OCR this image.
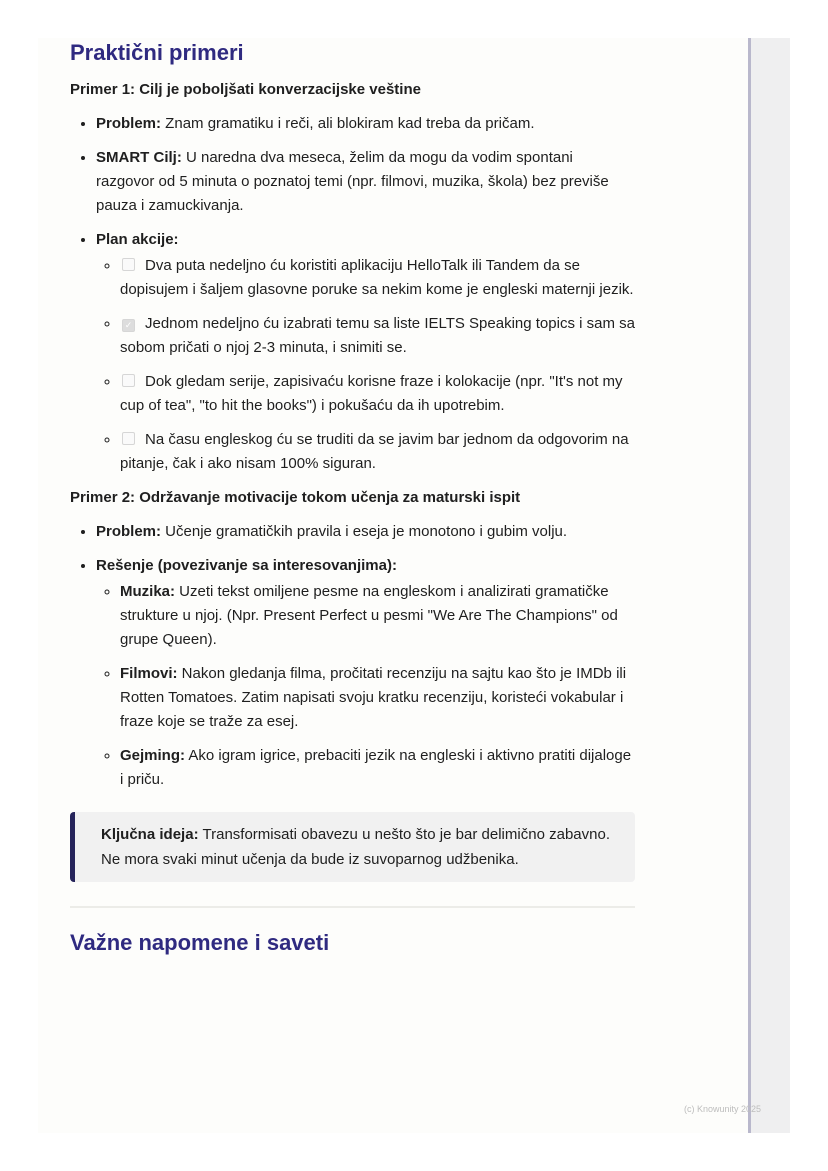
Praktični primeri
Primer 1: Cilj je poboljšati konverzacijske veštine
• Problem: Znam gramatiku i reči, ali blokiram kad treba da pričam.
• SMART Cilj: U naredna dva meseca, želim da mogu da vodim spontani razgovor od 5 minuta o poznatoj temi (npr. filmovi, muzika, škola) bez previše pauza i zamuckivanja.
• Plan akcije:
◦ Dva puta nedeljno ću koristiti aplikaciju HelloTalk ili Tandem da se dopisujem i šaljem glasovne poruke sa nekim kome je engleski maternji jezik.
◦ ✓ Jednom nedeljno ću izabrati temu sa liste IELTS Speaking topics i sam sa sobom pričati o njoj 2-3 minuta, i snimiti se.
◦ Dok gledam serije, zapisivaću korisne fraze i kolokacije (npr. "It's not my cup of tea", "to hit the books") i pokušaću da ih upotrebim.
◦ Na času engleskog ću se truditi da se javim bar jednom da odgovorim na pitanje, čak i ako nisam 100% siguran.
Primer 2: Održavanje motivacije tokom učenja za maturski ispit
• Problem: Učenje gramatičkih pravila i eseja je monotono i gubim volju.
• Rešenje (povezivanje sa interesovanjima):
◦ Muzika: Uzeti tekst omiljene pesme na engleskom i analizirati gramatičke strukture u njoj. (Npr. Present Perfect u pesmi "We Are The Champions" od grupe Queen).
◦ Filmovi: Nakon gledanja filma, pročitati recenziju na sajtu kao što je IMDb ili Rotten Tomatoes. Zatim napisati svoju kratku recenziju, koristeći vokabular i fraze koje se traže za esej.
◦ Gejming: Ako igram igrice, prebaciti jezik na engleski i aktivno pratiti dijaloge i priču.
Ključna ideja: Transformisati obavezu u nešto što je bar delimično zabavno. Ne mora svaki minut učenja da bude iz suvoparnog udžbenika.
Važne napomene i saveti
(c) Knowunity 2025
